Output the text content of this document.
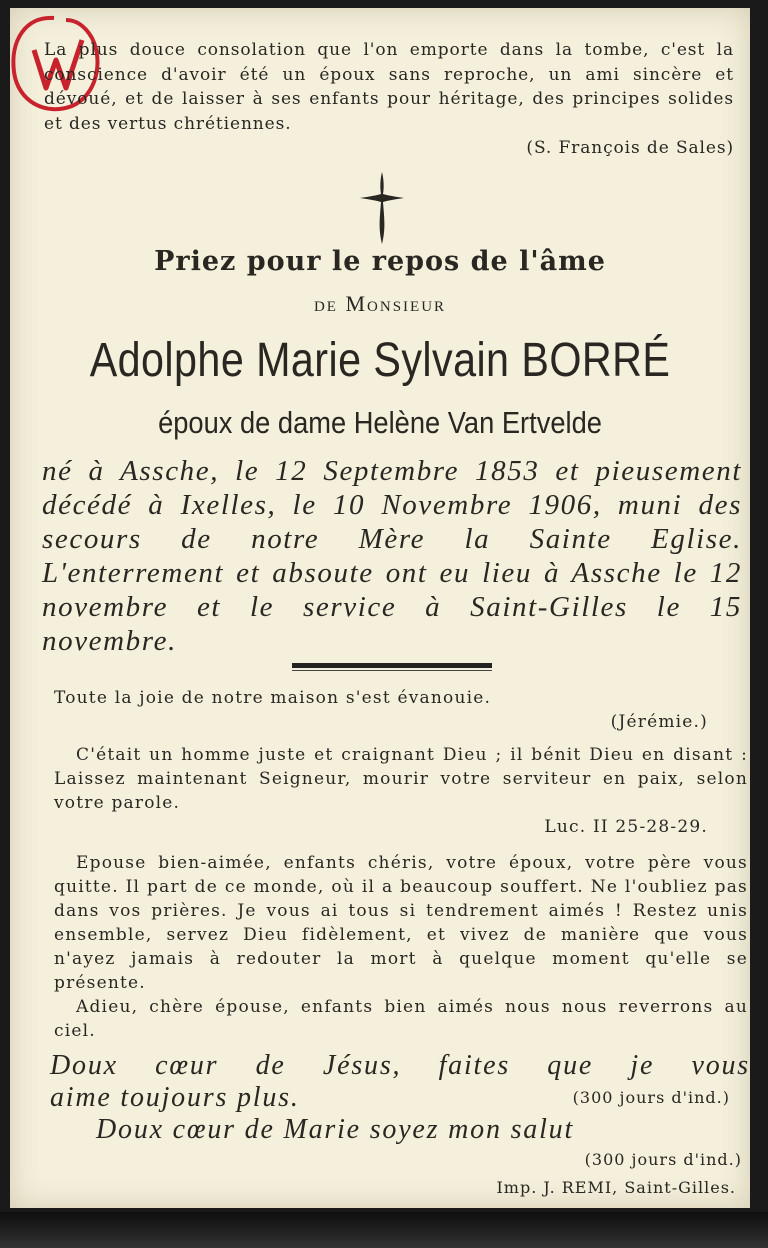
La plus douce consolation que l'on emporte dans la tombe, c'est la conscience d'avoir été un époux sans reproche, un ami sincère et dévoué, et de laisser à ses enfants pour héritage, des principes solides et des vertus chrétiennes.
(S. François de Sales)

Priez pour le repos de l'âme

de Monsieur

Adolphe Marie Sylvain BORRÉ

époux de dame Helène Van Ertvelde

né à Assche, le 12 Septembre 1853 et pieusement décédé à Ixelles, le 10 Novembre 1906, muni des secours de notre Mère la Sainte Eglise. L'enterrement et absoute ont eu lieu à Assche le 12 novembre et le service à Saint-Gilles le 15 novembre.

Toute la joie de notre maison s'est évanouie.
(Jérémie.)

C'était un homme juste et craignant Dieu ; il bénit Dieu en disant : Laissez maintenant Seigneur, mourir votre serviteur en paix, selon votre parole.
Luc. II 25-28-29.

Epouse bien-aimée, enfants chéris, votre époux, votre père vous quitte. Il part de ce monde, où il a beaucoup souffert. Ne l'oubliez pas dans vos prières. Je vous ai tous si tendrement aimés ! Restez unis ensemble, servez Dieu fidèlement, et vivez de manière que vous n'ayez jamais à redouter la mort à quelque moment qu'elle se présente.
Adieu, chère épouse, enfants bien aimés nous nous reverrons au ciel.

Doux cœur de Jésus, faites que je vous

aime toujours plus.	(300 jours d'ind.)

Doux cœur de Marie soyez mon salut

(300 jours d'ind.)
Imp. J. REMI, Saint-Gilles.
